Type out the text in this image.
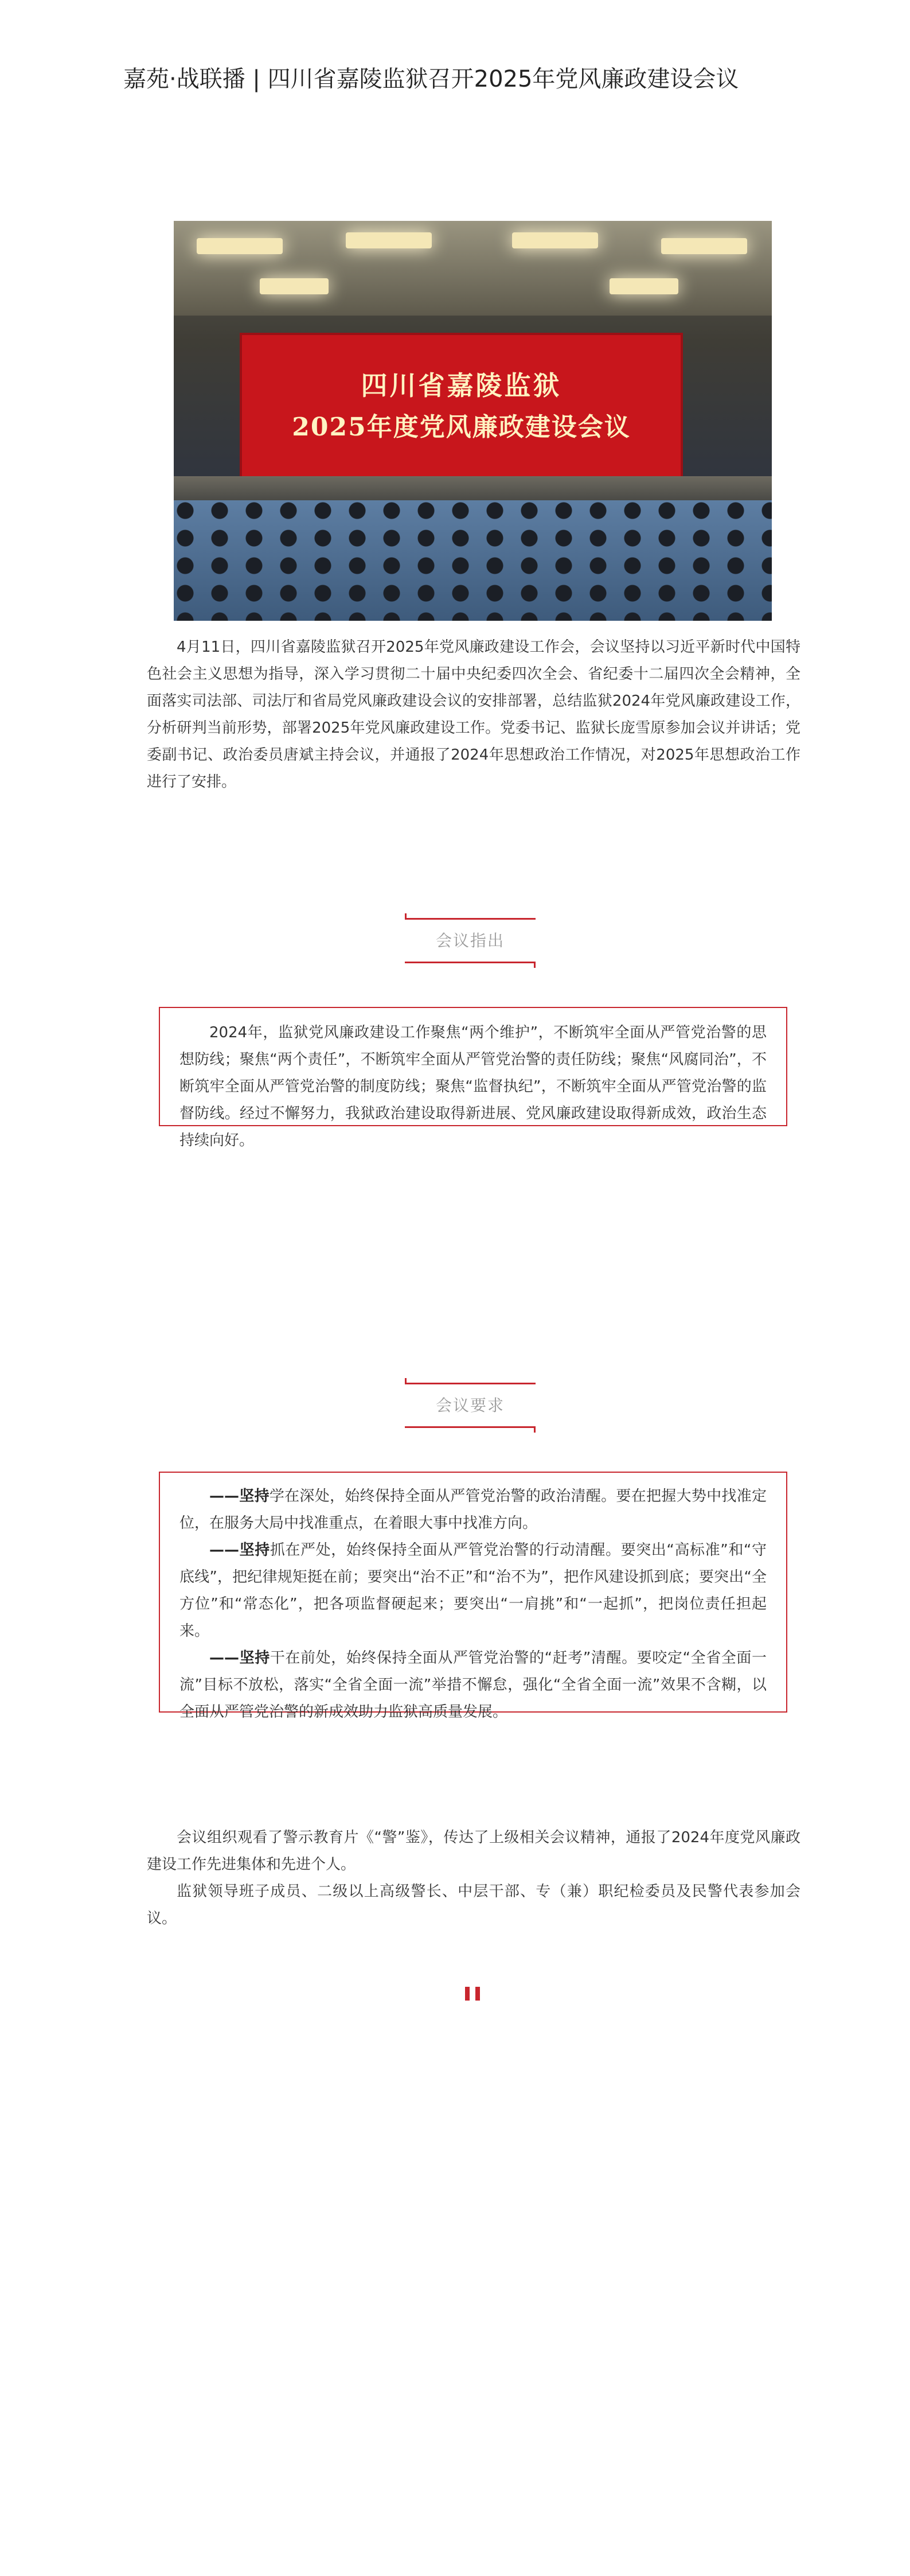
嘉苑·战联播 | 四川省嘉陵监狱召开2025年党风廉政建设会议
四川省嘉陵监狱
2025年度党风廉政建设会议

4月11日，四川省嘉陵监狱召开2025年党风廉政建设工作会，会议坚持以习近平新时代中国特色社会主义思想为指导，深入学习贯彻二十届中央纪委四次全会、省纪委十二届四次全会精神，全面落实司法部、司法厅和省局党风廉政建设会议的安排部署，总结监狱2024年党风廉政建设工作，分析研判当前形势，部署2025年党风廉政建设工作。党委书记、监狱长庞雪原参加会议并讲话；党委副书记、政治委员唐斌主持会议，并通报了2024年思想政治工作情况，对2025年思想政治工作进行了安排。

会议指出

2024年，监狱党风廉政建设工作聚焦“两个维护”，不断筑牢全面从严管党治警的思想防线；聚焦“两个责任”，不断筑牢全面从严管党治警的责任防线；聚焦“风腐同治”，不断筑牢全面从严管党治警的制度防线；聚焦“监督执纪”，不断筑牢全面从严管党治警的监督防线。经过不懈努力，我狱政治建设取得新进展、党风廉政建设取得新成效，政治生态持续向好。

会议要求

——坚持学在深处，始终保持全面从严管党治警的政治清醒。要在把握大势中找准定位，在服务大局中找准重点，在着眼大事中找准方向。

——坚持抓在严处，始终保持全面从严管党治警的行动清醒。要突出“高标准”和“守底线”，把纪律规矩挺在前；要突出“治不正”和“治不为”，把作风建设抓到底；要突出“全方位”和“常态化”，把各项监督硬起来；要突出“一肩挑”和“一起抓”，把岗位责任担起来。

——坚持干在前处，始终保持全面从严管党治警的“赶考”清醒。要咬定“全省全面一流”目标不放松，落实“全省全面一流”举措不懈怠，强化“全省全面一流”效果不含糊，以全面从严管党治警的新成效助力监狱高质量发展。

会议组织观看了警示教育片《“警”鉴》，传达了上级相关会议精神，通报了2024年度党风廉政建设工作先进集体和先进个人。

监狱领导班子成员、二级以上高级警长、中层干部、专（兼）职纪检委员及民警代表参加会议。
